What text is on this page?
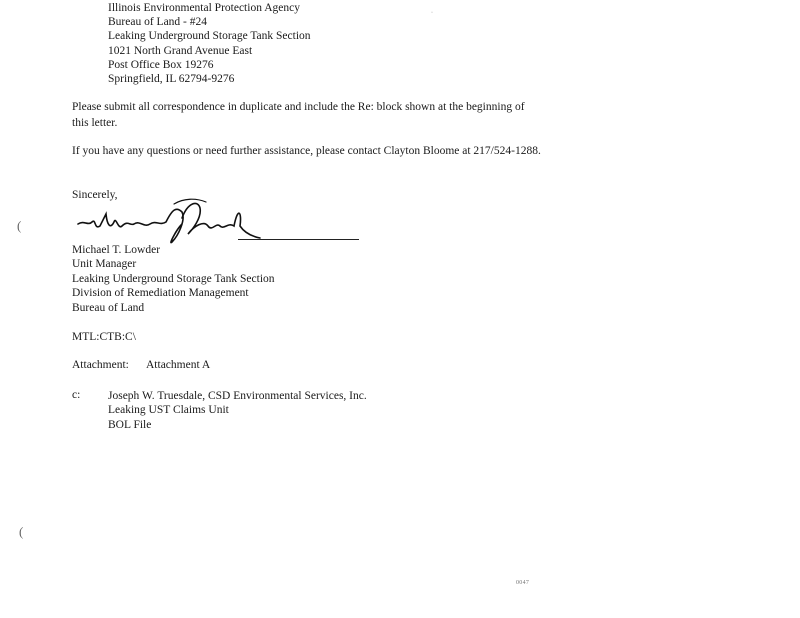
Illinois Environmental Protection Agency
Bureau of Land - #24
Leaking Underground Storage Tank Section
1021 North Grand Avenue East
Post Office Box 19276
Springfield, IL 62794-9276
·
Please submit all correspondence in duplicate and include the Re: block shown at the beginning of this letter.
If you have any questions or need further assistance, please contact Clayton Bloome at 217/524-1288.
Sincerely,
(
Michael T. Lowder
Unit Manager
Leaking Underground Storage Tank Section
Division of Remediation Management
Bureau of Land
MTL:CTB:C\
Attachment: Attachment A
c: Joseph W. Truesdale, CSD Environmental Services, Inc.
Leaking UST Claims Unit
BOL File
(
0047
